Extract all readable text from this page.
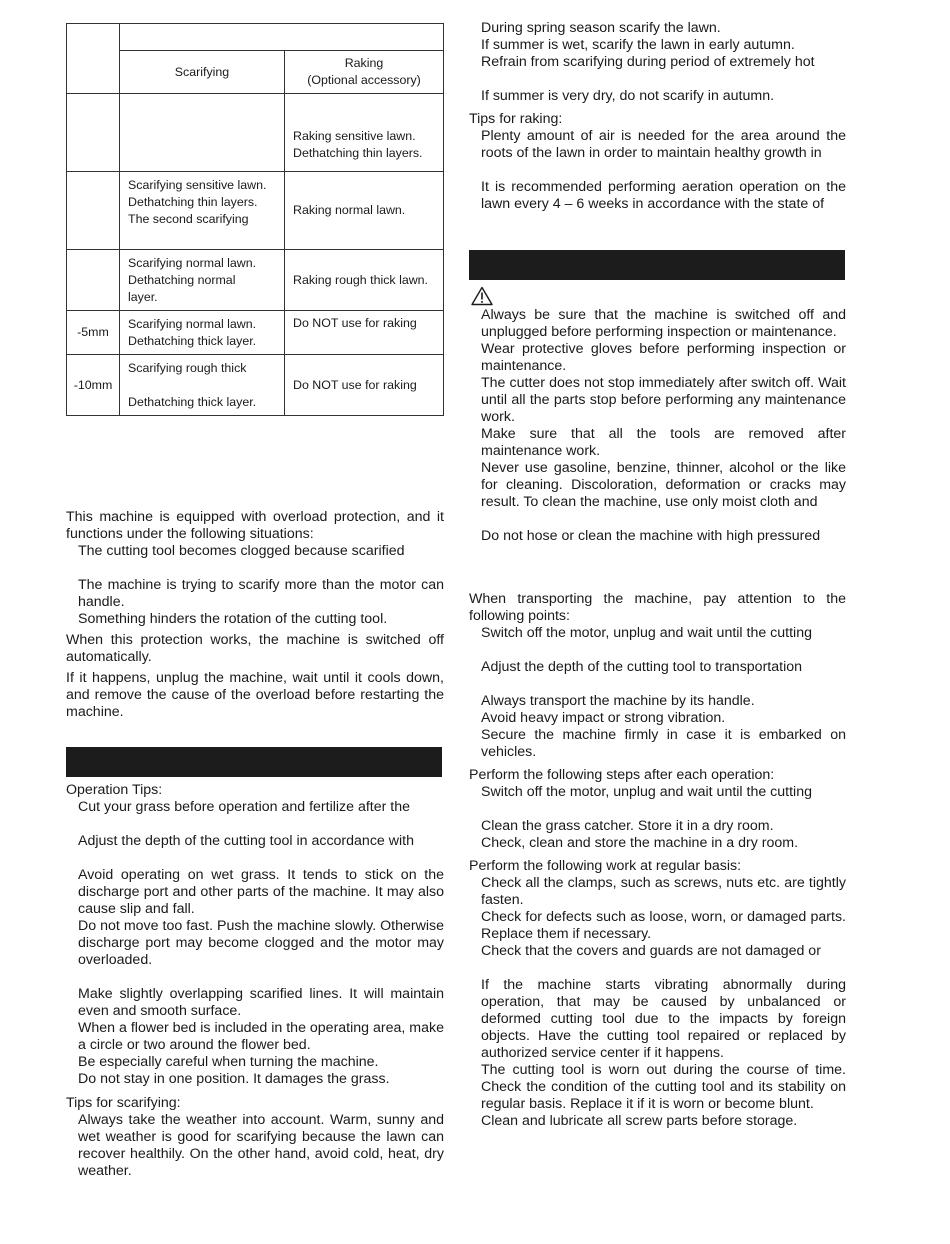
	Scarifying	Raking
(Optional accessory)

		Raking sensitive lawn.
Dethatching thin layers.

	Scarifying sensitive lawn.
Dethatching thin layers.
The second scarifying	Raking normal lawn.

	Scarifying normal lawn.
Dethatching normal
layer.	Raking rough thick lawn.
-5mm	Scarifying normal lawn.
Dethatching thick layer.	Do NOT use for raking
-10mm	Scarifying rough thick
Dethatching thick layer.	Do NOT use for raking

This machine is equipped with overload protection, and it functions under the following situations:

The cutting tool becomes clogged because scarified

The machine is trying to scarify more than the motor can handle.

Something hinders the rotation of the cutting tool.

When this protection works, the machine is switched off automatically.

If it happens, unplug the machine, wait until it cools down, and remove the cause of the overload before restarting the machine.

Operation Tips:

Cut your grass before operation and fertilize after the

Adjust the depth of the cutting tool in accordance with

Avoid operating on wet grass. It tends to stick on the discharge port and other parts of the machine. It may also cause slip and fall.

Do not move too fast. Push the machine slowly. Otherwise discharge port may become clogged and the motor may overloaded.

Make slightly overlapping scarified lines. It will maintain even and smooth surface.

When a flower bed is included in the operating area, make a circle or two around the flower bed.

Be especially careful when turning the machine.

Do not stay in one position. It damages the grass.

Tips for scarifying:

Always take the weather into account. Warm, sunny and wet weather is good for scarifying because the lawn can recover healthily. On the other hand, avoid cold, heat, dry weather.

During spring season scarify the lawn.

If summer is wet, scarify the lawn in early autumn.

Refrain from scarifying during period of extremely hot

If summer is very dry, do not scarify in autumn.

Tips for raking:

Plenty amount of air is needed for the area around the roots of the lawn in order to maintain healthy growth in

It is recommended performing aeration operation on the lawn every 4 – 6 weeks in accordance with the state of

Always be sure that the machine is switched off and unplugged before performing inspection or maintenance.

Wear protective gloves before performing inspection or maintenance.

The cutter does not stop immediately after switch off. Wait until all the parts stop before performing any maintenance work.

Make sure that all the tools are removed after maintenance work.

Never use gasoline, benzine, thinner, alcohol or the like for cleaning. Discoloration, deformation or cracks may result. To clean the machine, use only moist cloth and

Do not hose or clean the machine with high pressured

When transporting the machine, pay attention to the following points:

Switch off the motor, unplug and wait until the cutting

Adjust the depth of the cutting tool to transportation

Always transport the machine by its handle.

Avoid heavy impact or strong vibration.

Secure the machine firmly in case it is embarked on vehicles.

Perform the following steps after each operation:

Switch off the motor, unplug and wait until the cutting

Clean the grass catcher. Store it in a dry room.

Check, clean and store the machine in a dry room.

Perform the following work at regular basis:

Check all the clamps, such as screws, nuts etc. are tightly fasten.

Check for defects such as loose, worn, or damaged parts. Replace them if necessary.

Check that the covers and guards are not damaged or

If the machine starts vibrating abnormally during operation, that may be caused by unbalanced or deformed cutting tool due to the impacts by foreign objects. Have the cutting tool repaired or replaced by authorized service center if it happens.

The cutting tool is worn out during the course of time. Check the condition of the cutting tool and its stability on regular basis. Replace it if it is worn or become blunt.

Clean and lubricate all screw parts before storage.
